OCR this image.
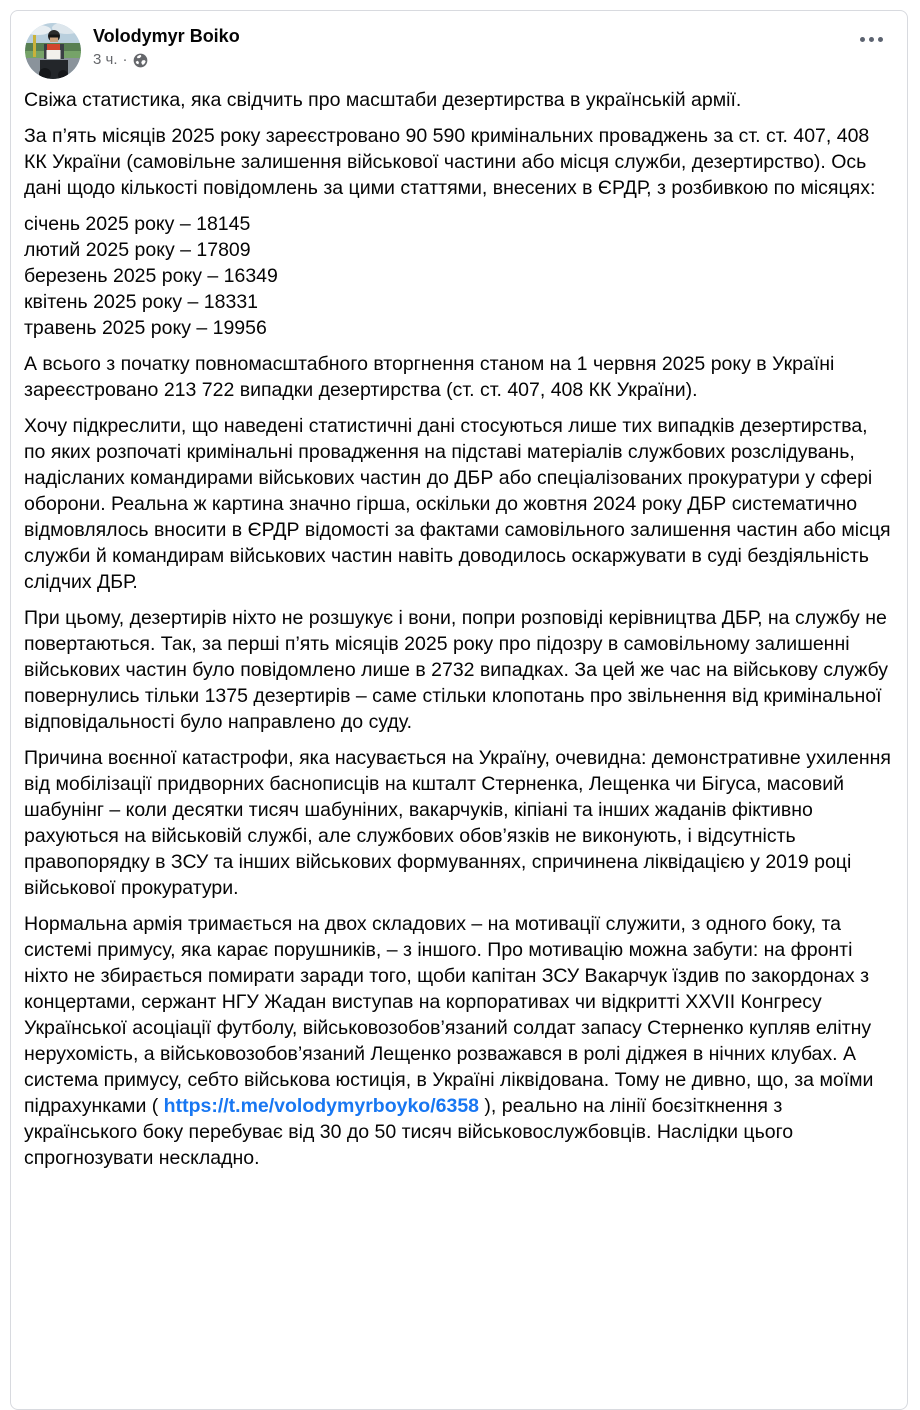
Volodymyr Boiko
3 ч. ·

Свіжа статистика, яка свідчить про масштаби дезертирства в українській армії.

За п’ять місяців 2025 року зареєстровано 90 590 кримінальних проваджень за ст. ст. 407, 408 КК України (самовільне залишення військової частини або місця служби, дезертирство). Ось дані щодо кількості повідомлень за цими статтями, внесених в ЄРДР, з розбивкою по місяцях:

січень 2025 року – 18145
лютий 2025 року – 17809
березень 2025 року – 16349
квітень 2025 року – 18331
травень 2025 року – 19956

А всього з початку повномасштабного вторгнення станом на 1 червня 2025 року в Україні зареєстровано 213 722 випадки дезертирства (ст. ст. 407, 408 КК України).

Хочу підкреслити, що наведені статистичні дані стосуються лише тих випадків дезертирства, по яких розпочаті кримінальні провадження на підставі матеріалів службових розслідувань, надісланих командирами військових частин до ДБР або спеціалізованих прокуратури у сфері оборони. Реальна ж картина значно гірша, оскільки до жовтня 2024 року ДБР систематично відмовлялось вносити в ЄРДР відомості за фактами самовільного залишення частин або місця служби й командирам військових частин навіть доводилось оскаржувати в суді бездіяльність слідчих ДБР.

При цьому, дезертирів ніхто не розшукує і вони, попри розповіді керівництва ДБР, на службу не повертаються. Так, за перші п’ять місяців 2025 року про підозру в самовільному залишенні військових частин було повідомлено лише в 2732 випадках. За цей же час на військову службу повернулись тільки 1375 дезертирів – саме стільки клопотань про звільнення від кримінальної відповідальності було направлено до суду.

Причина воєнної катастрофи, яка насувається на Україну, очевидна: демонстративне ухилення від мобілізації придворних баснописців на кшталт Стерненка, Лещенка чи Бігуса, масовий шабунінг – коли десятки тисяч шабуніних, вакарчуків, кіпіані та інших жаданів фіктивно рахуються на військовій службі, але службових обов’язків не виконують, і відсутність правопорядку в ЗСУ та інших військових формуваннях, спричинена ліквідацією у 2019 році військової прокуратури.

Нормальна армія тримається на двох складових – на мотивації служити, з одного боку, та системі примусу, яка карає порушників, – з іншого. Про мотивацію можна забути: на фронті ніхто не збирається помирати заради того, щоби капітан ЗСУ Вакарчук їздив по закордонах з концертами, сержант НГУ Жадан виступав на корпоративах чи відкритті XXVII Конгресу Української асоціації футболу, військовозобов’язаний солдат запасу Стерненко купляв елітну нерухомість, а військовозобов’язаний Лещенко розважався в ролі діджея в нічних клубах. А система примусу, себто військова юстиція, в Україні ліквідована. Тому не дивно, що, за моїми підрахунками ( https://t.me/volodymyrboyko/6358 ), реально на лінії боєзіткнення з українського боку перебуває від 30 до 50 тисяч військовослужбовців. Наслідки цього спрогнозувати нескладно.
